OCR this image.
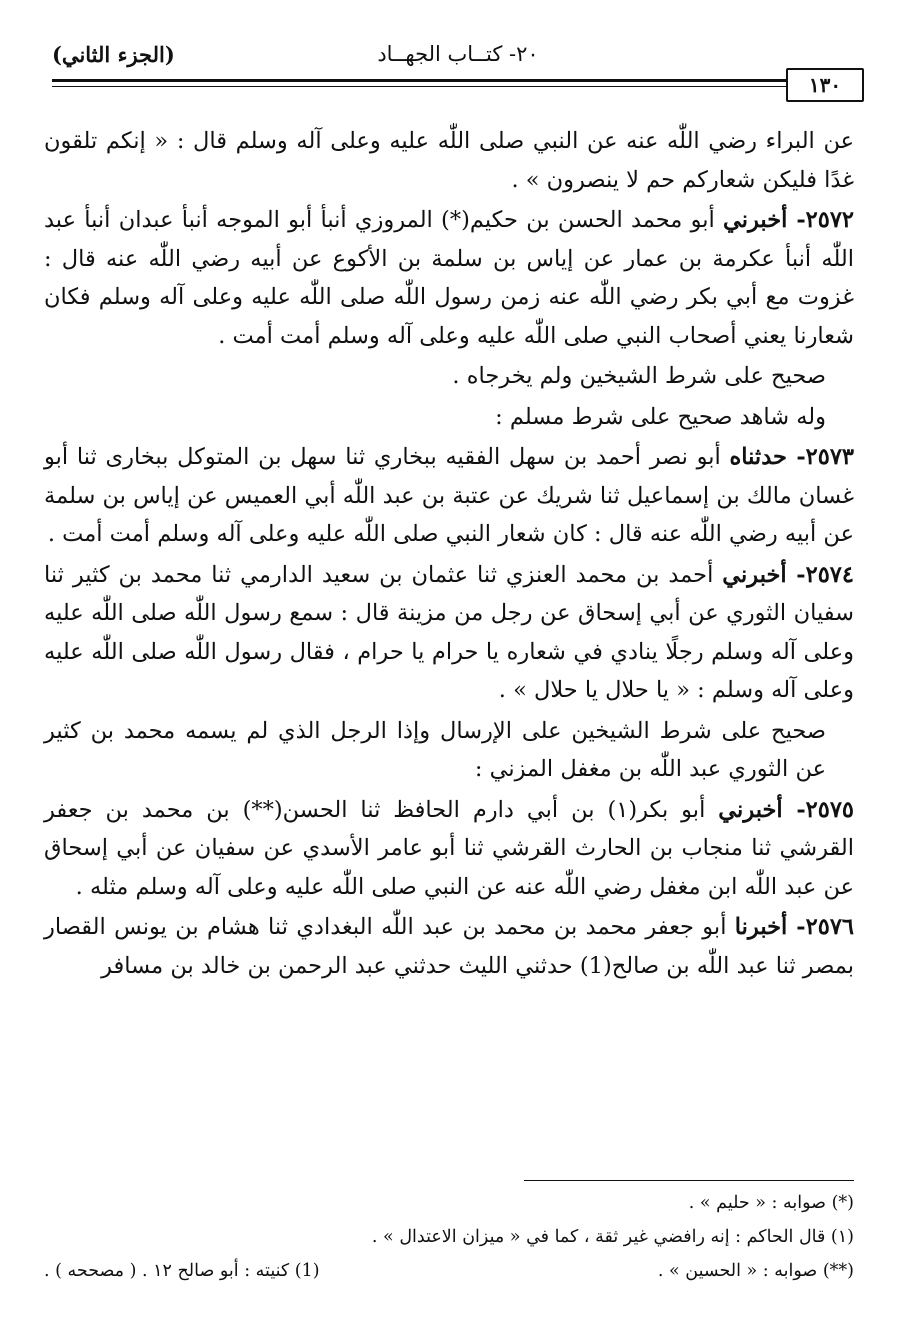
٢٠- كتــاب الجهــاد
(الجزء الثاني)
١٣٠

عن البراء رضي اللّٰه عنه عن النبي صلى اللّٰه عليه وعلى آله وسلم قال : « إنكم تلقون غدًا فليكن شعاركم حم لا ينصرون » .

٢٥٧٢- أخبرني أبو محمد الحسن بن حكيم(*) المروزي أنبأ أبو الموجه أنبأ عبدان أنبأ عبد اللّٰه أنبأ عكرمة بن عمار عن إياس بن سلمة بن الأكوع عن أبيه رضي اللّٰه عنه قال : غزوت مع أبي بكر رضي اللّٰه عنه زمن رسول اللّٰه صلى اللّٰه عليه وعلى آله وسلم فكان شعارنا يعني أصحاب النبي صلى اللّٰه عليه وعلى آله وسلم أمت أمت .

صحيح على شرط الشيخين ولم يخرجاه .

وله شاهد صحيح على شرط مسلم :

٢٥٧٣- حدثناه أبو نصر أحمد بن سهل الفقيه ببخاري ثنا سهل بن المتوكل ببخارى ثنا أبو غسان مالك بن إسماعيل ثنا شريك عن عتبة بن عبد اللّٰه أبي العميس عن إياس بن سلمة عن أبيه رضي اللّٰه عنه قال : كان شعار النبي صلى اللّٰه عليه وعلى آله وسلم أمت أمت .

٢٥٧٤- أخبرني أحمد بن محمد العنزي ثنا عثمان بن سعيد الدارمي ثنا محمد بن كثير ثنا سفيان الثوري عن أبي إسحاق عن رجل من مزينة قال : سمع رسول اللّٰه صلى اللّٰه عليه وعلى آله وسلم رجلًا ينادي في شعاره يا حرام يا حرام ، فقال رسول اللّٰه صلى اللّٰه عليه وعلى آله وسلم : « يا حلال يا حلال » .

صحيح على شرط الشيخين على الإرسال وإذا الرجل الذي لم يسمه محمد بن كثير عن الثوري عبد اللّٰه بن مغفل المزني :

٢٥٧٥- أخبرني أبو بكر(١) بن أبي دارم الحافظ ثنا الحسن(**) بن محمد بن جعفر القرشي ثنا منجاب بن الحارث القرشي ثنا أبو عامر الأسدي عن سفيان عن أبي إسحاق عن عبد اللّٰه ابن مغفل رضي اللّٰه عنه عن النبي صلى اللّٰه عليه وعلى آله وسلم مثله .

٢٥٧٦- أخبرنا أبو جعفر محمد بن محمد بن عبد اللّٰه البغدادي ثنا هشام بن يونس القصار بمصر ثنا عبد اللّٰه بن صالح(1) حدثني الليث حدثني عبد الرحمن بن خالد بن مسافر

(*) صوابه : « حليم » .
(١) قال الحاكم : إنه رافضي غير ثقة ، كما في « ميزان الاعتدال » .
(**) صوابه : « الحسين » .
(1) كنيته : أبو صالح ١٢ . ( مصححه ) .
